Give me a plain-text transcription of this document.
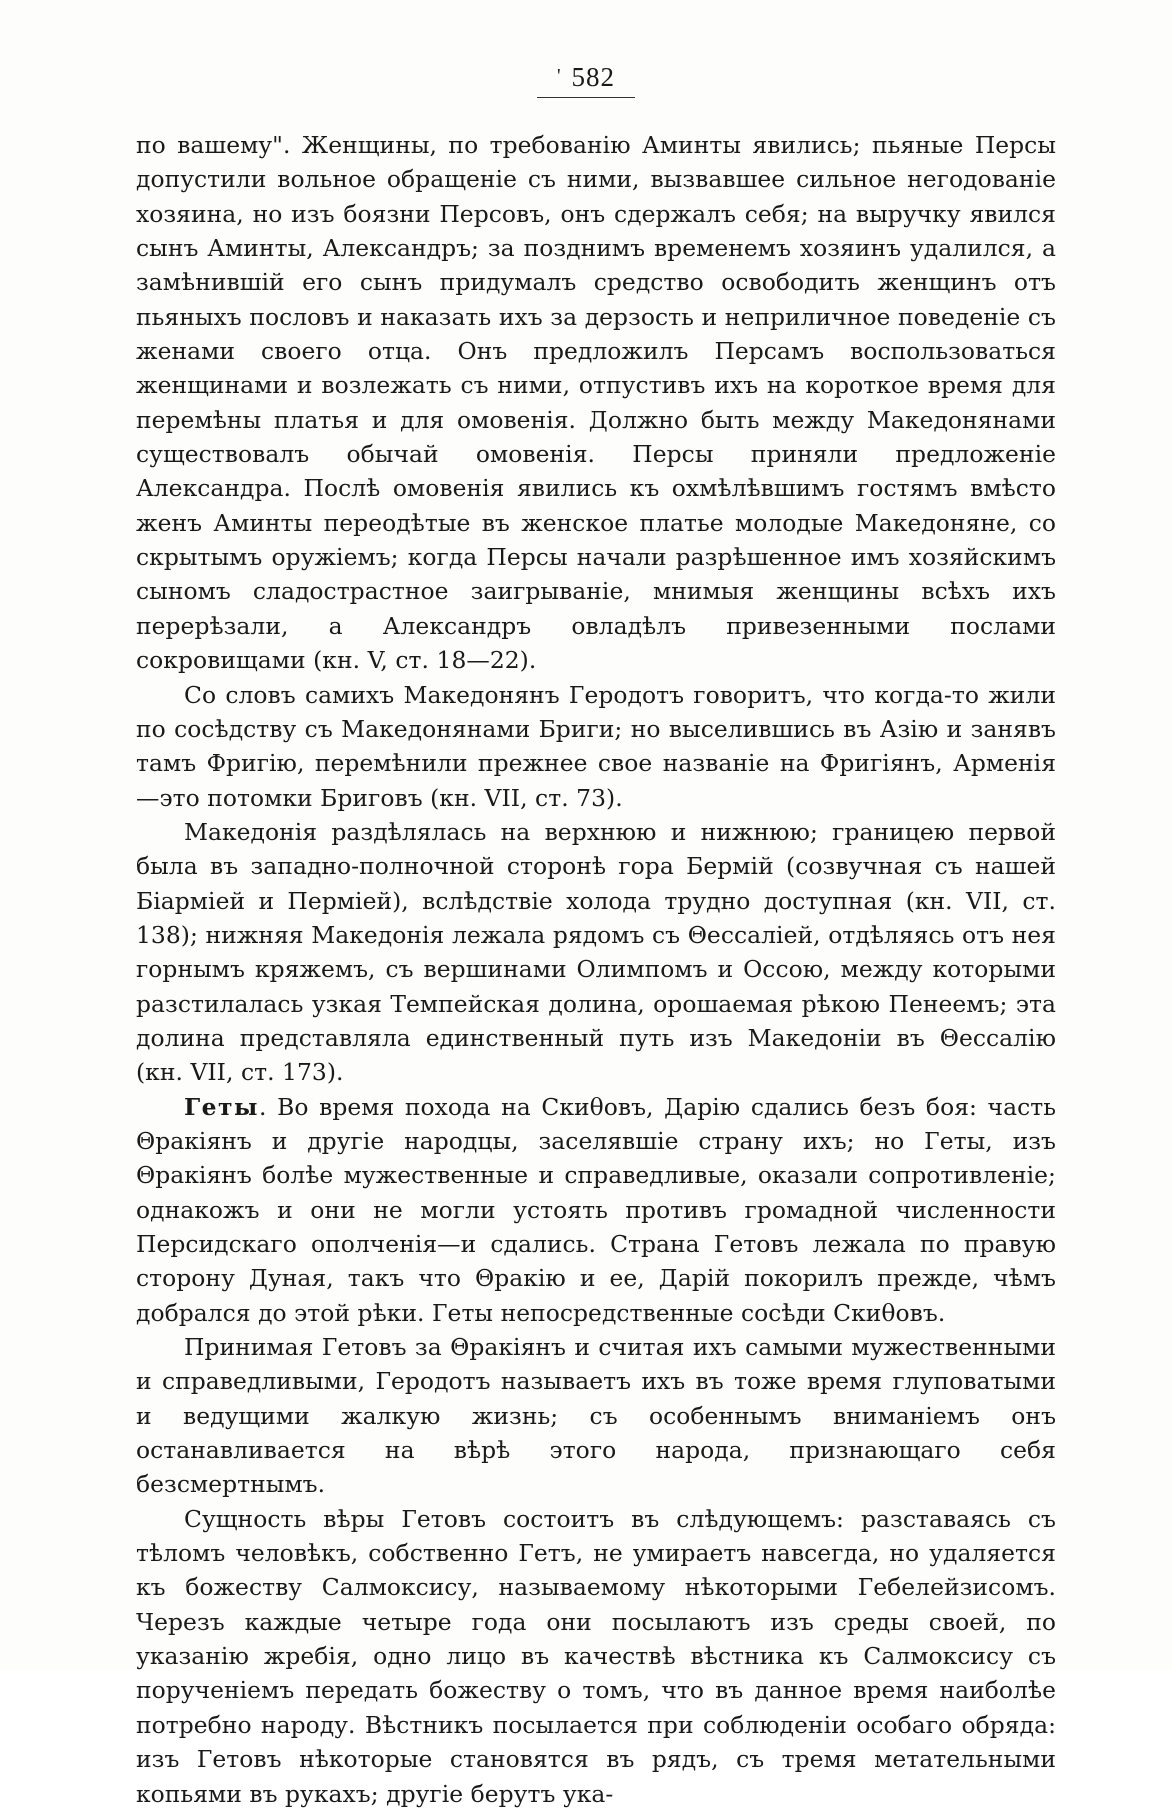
' 582

по вашему". Женщины, по требованію Аминты явились; пьяные Персы допустили вольное обращеніе съ ними, вызвавшее сильное негодованіе хозяина, но изъ боязни Персовъ, онъ сдержалъ себя; на выручку явился сынъ Аминты, Александръ; за позднимъ временемъ хозяинъ удалился, а замѣнившій его сынъ придумалъ средство освободить женщинъ отъ пьяныхъ пословъ и наказать ихъ за дерзость и неприличное поведеніе съ женами своего отца. Онъ предложилъ Персамъ воспользоваться женщинами и возлежать съ ними, отпустивъ ихъ на короткое время для перемѣны платья и для омовенія. Должно быть между Македонянами существовалъ обычай омовенія. Персы приняли предложеніе Александра. Послѣ омовенія явились къ охмѣлѣвшимъ гостямъ вмѣсто женъ Аминты переодѣтые въ женское платье молодые Македоняне, со скрытымъ оружіемъ; когда Персы начали разрѣшенное имъ хозяйскимъ сыномъ сладострастное заигрываніе, мнимыя женщины всѣхъ ихъ перерѣзали, а Александръ овладѣлъ привезенными послами сокровищами (кн. V, ст. 18—22).

Со словъ самихъ Македонянъ Геродотъ говоритъ, что когда-то жили по сосѣдству съ Македонянами Бриги; но выселившись въ Азію и занявъ тамъ Фригію, перемѣнили прежнее свое названіе на Фригіянъ, Арменія—это потомки Бриговъ (кн. VII, ст. 73).

Македонія раздѣлялась на верхнюю и нижнюю; границею первой была въ западно-полночной сторонѣ гора Бермій (созвучная съ нашей Біарміей и Перміей), вслѣдствіе холода трудно доступная (кн. VII, ст. 138); нижняя Македонія лежала рядомъ съ Θессаліей, отдѣляясь отъ нея горнымъ кряжемъ, съ вершинами Олимпомъ и Оссою, между которыми разстилалась узкая Темпейская долина, орошаемая рѣкою Пенеемъ; эта долина представляла единственный путь изъ Македоніи въ Θессалію (кн. VII, ст. 173).

Геты. Во время похода на Скиθовъ, Дарію сдались безъ боя: часть Θракіянъ и другіе народцы, заселявшіе страну ихъ; но Геты, изъ Θракіянъ болѣе мужественные и справедливые, оказали сопротивленіе; однакожъ и они не могли устоять противъ громадной численности Персидскаго ополченія—и сдались. Страна Гетовъ лежала по правую сторону Дуная, такъ что Θракію и ее, Дарій покорилъ прежде, чѣмъ добрался до этой рѣки. Геты непосредственные сосѣди Скиθовъ.

Принимая Гетовъ за Θракіянъ и считая ихъ самыми мужественными и справедливыми, Геродотъ называетъ ихъ въ тоже время глуповатыми и ведущими жалкую жизнь; съ особеннымъ вниманіемъ онъ останавливается на вѣрѣ этого народа, признающаго себя безсмертнымъ.

Сущность вѣры Гетовъ состоитъ въ слѣдующемъ: разставаясь съ тѣломъ человѣкъ, собственно Гетъ, не умираетъ навсегда, но удаляется къ божеству Салмоксису, называемому нѣкоторыми Гебелейзисомъ. Черезъ каждые четыре года они посылаютъ изъ среды своей, по указанію жребія, одно лицо въ качествѣ вѣстника къ Салмоксису съ порученіемъ передать божеству о томъ, что въ данное время наиболѣе потребно народу. Вѣстникъ посылается при соблюденіи особаго обряда: изъ Гетовъ нѣкоторые становятся въ рядъ, съ тремя метательными копьями въ рукахъ; другіе берутъ ука-
